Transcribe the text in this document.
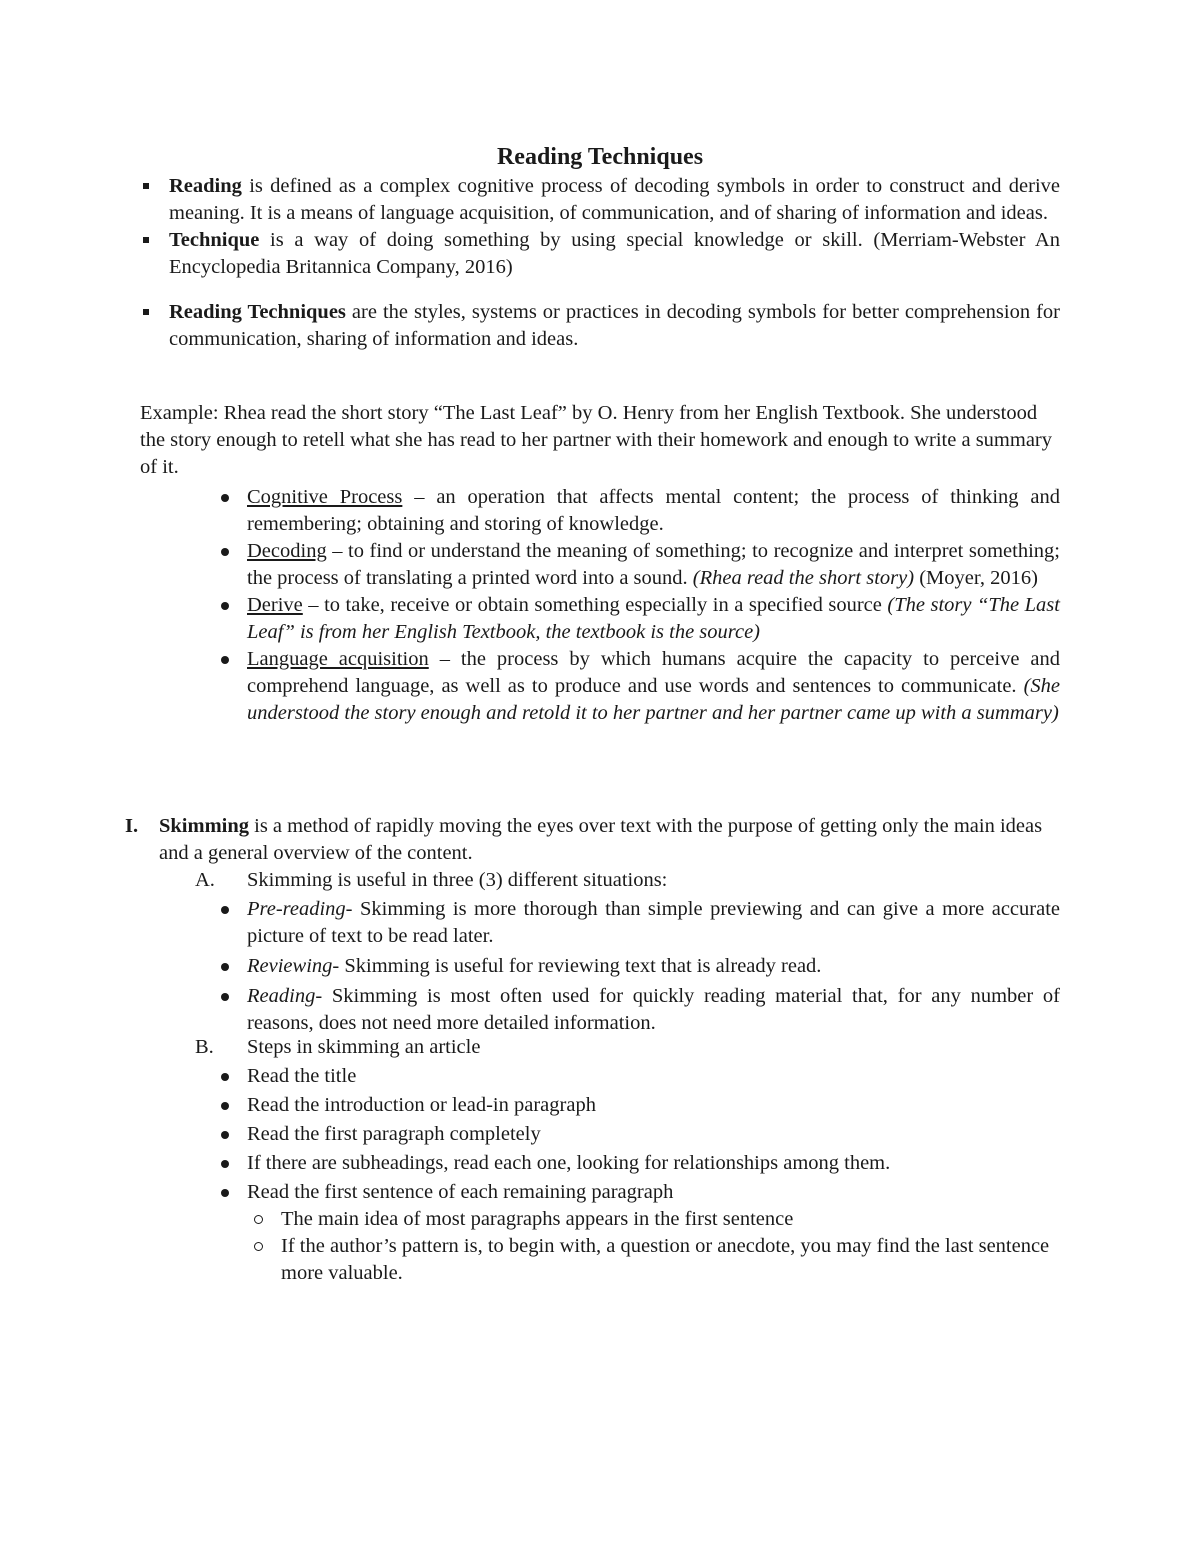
Reading Techniques
Reading is defined as a complex cognitive process of decoding symbols in order to construct and derive meaning. It is a means of language acquisition, of communication, and of sharing of information and ideas.
Technique is a way of doing something by using special knowledge or skill. (Merriam-Webster An Encyclopedia Britannica Company, 2016)
Reading Techniques are the styles, systems or practices in decoding symbols for better comprehension for communication, sharing of information and ideas.
Example: Rhea read the short story “The Last Leaf” by O. Henry from her English Textbook. She understood the story enough to retell what she has read to her partner with their homework and enough to write a summary of it.
Cognitive Process – an operation that affects mental content; the process of thinking and remembering; obtaining and storing of knowledge.
Decoding – to find or understand the meaning of something; to recognize and interpret something; the process of translating a printed word into a sound. (Rhea read the short story) (Moyer, 2016)
Derive – to take, receive or obtain something especially in a specified source (The story “The Last Leaf” is from her English Textbook, the textbook is the source)
Language acquisition – the process by which humans acquire the capacity to perceive and comprehend language, as well as to produce and use words and sentences to communicate. (She understood the story enough and retold it to her partner and her partner came up with a summary)
I.	Skimming is a method of rapidly moving the eyes over text with the purpose of getting only the main ideas and a general overview of the content.
A.	Skimming is useful in three (3) different situations:
Pre-reading- Skimming is more thorough than simple previewing and can give a more accurate picture of text to be read later.
Reviewing- Skimming is useful for reviewing text that is already read.
Reading- Skimming is most often used for quickly reading material that, for any number of reasons, does not need more detailed information.
B.	Steps in skimming an article
Read the title
Read the introduction or lead-in paragraph
Read the first paragraph completely
If there are subheadings, read each one, looking for relationships among them.
Read the first sentence of each remaining paragraph
The main idea of most paragraphs appears in the first sentence
If the author’s pattern is, to begin with, a question or anecdote, you may find the last sentence more valuable.
